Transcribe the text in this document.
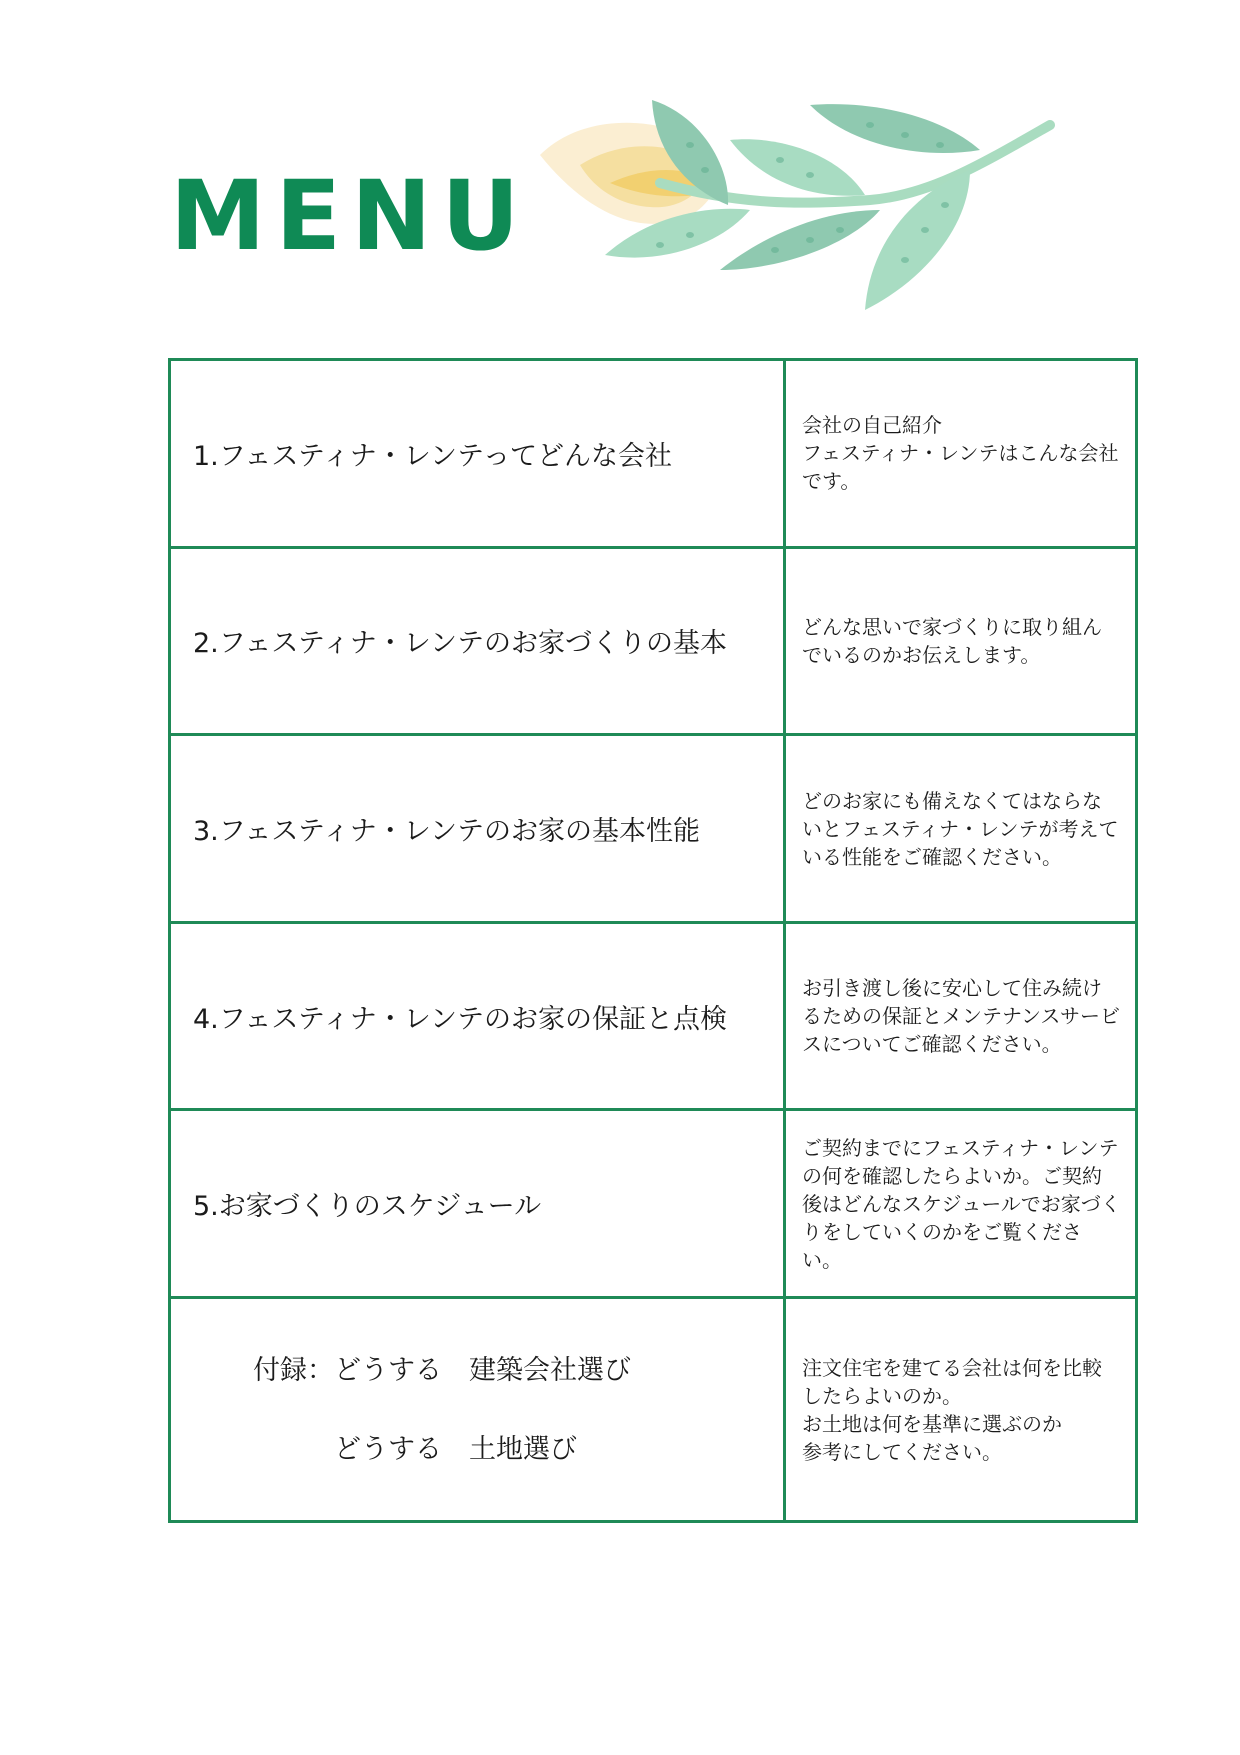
MENU
1.フェスティナ・レンテってどんな会社	会社の自己紹介
フェスティナ・レンテはこんな会社です。

2.フェスティナ・レンテのお家づくりの基本	どんな思いで家づくりに取り組んでいるのかお伝えします。

3.フェスティナ・レンテのお家の基本性能	どのお家にも備えなくてはならないとフェスティナ・レンテが考えている性能をご確認ください。

4.フェスティナ・レンテのお家の保証と点検	お引き渡し後に安心して住み続けるための保証とメンテナンスサービスについてご確認ください。

5.お家づくりのスケジュール	ご契約までにフェスティナ・レンテの何を確認したらよいか。ご契約後はどんなスケジュールでお家づくりをしていくのかをご覧ください。

付録：どうする　建築会社選び
どうする　土地選び	注文住宅を建てる会社は何を比較したらよいのか。
お土地は何を基準に選ぶのか
参考にしてください。
